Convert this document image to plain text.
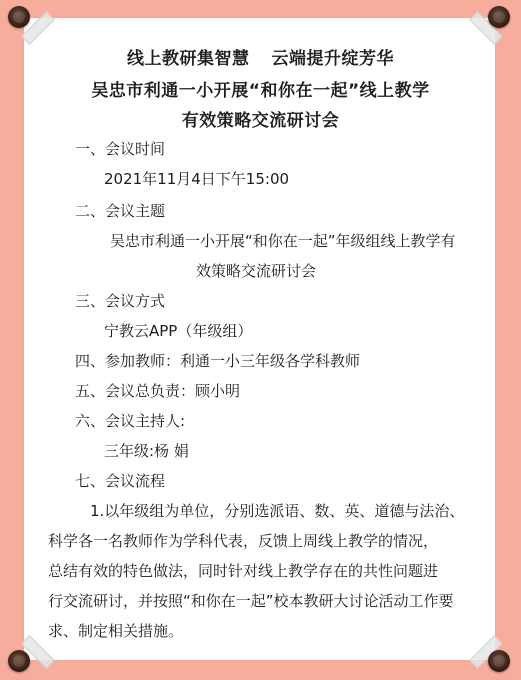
线上教研集智慧 云端提升绽芳华
吴忠市利通一小开展“和你在一起”线上教学
有效策略交流研讨会
一、会议时间
2021年11月4日下午15:00
二、会议主题
吴忠市利通一小开展“和你在一起”年级组线上教学有
效策略交流研讨会
三、会议方式
宁教云APP（年级组）
四、参加教师：利通一小三年级各学科教师
五、会议总负责：顾小明
六、会议主持人:
三年级:杨 娟
七、会议流程
1.以年级组为单位，分别选派语、数、英、道德与法治、
科学各一名教师作为学科代表，反馈上周线上教学的情况，
总结有效的特色做法，同时针对线上教学存在的共性问题进
行交流研讨，并按照“和你在一起”校本教研大讨论活动工作要
求、制定相关措施。
